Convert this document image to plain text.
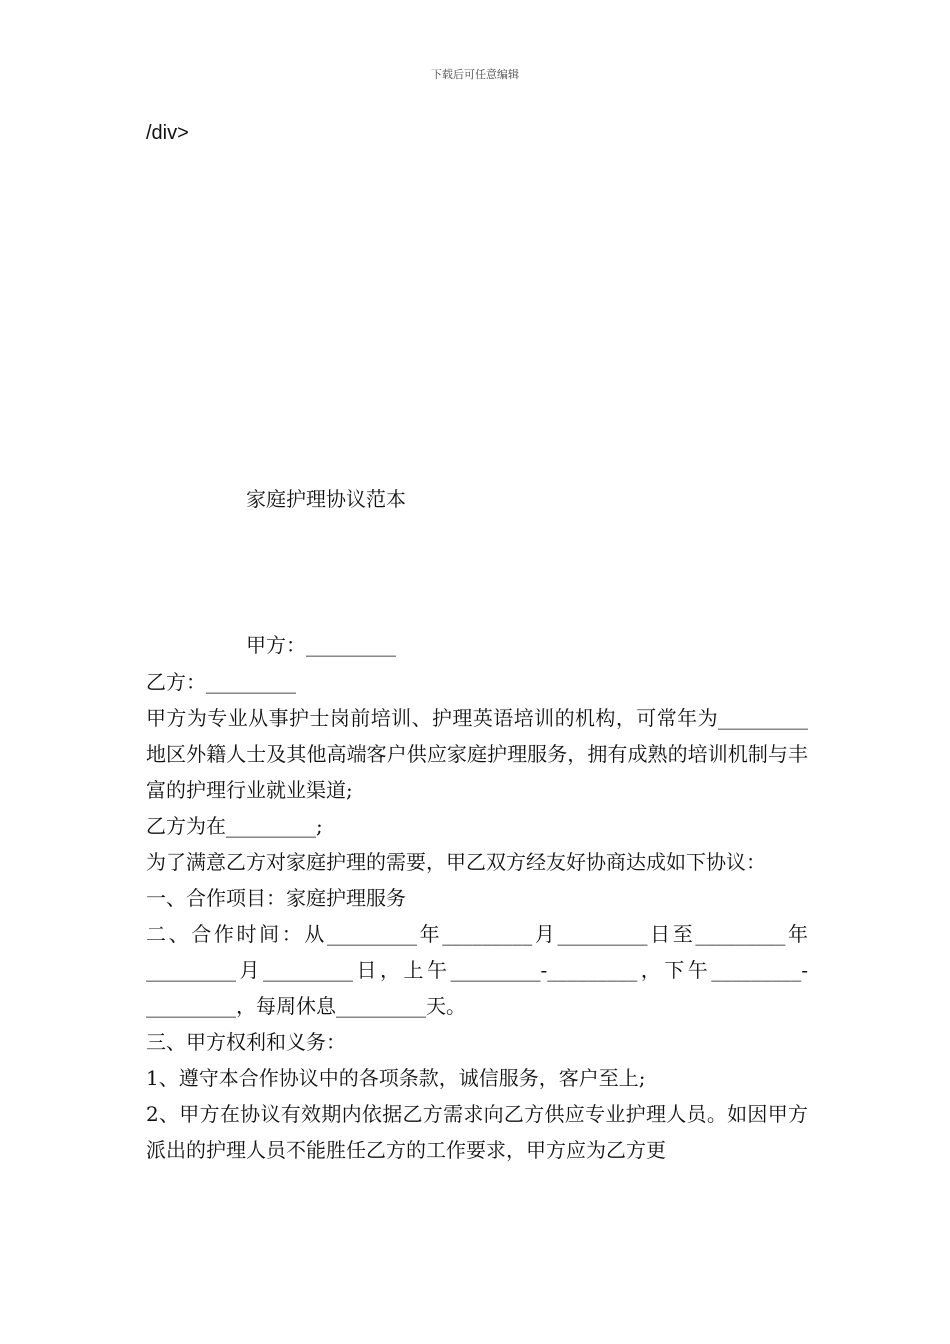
下载后可任意编辑
/div>
家庭护理协议范本
甲方：_________

乙方：_________

甲方为专业从事护士岗前培训、护理英语培训的机构，可常年为_________地区外籍人士及其他高端客户供应家庭护理服务，拥有成熟的培训机制与丰富的护理行业就业渠道;

乙方为在_________;

为了满意乙方对家庭护理的需要，甲乙双方经友好协商达成如下协议：

一、合作项目：家庭护理服务

二、合作时间：从_________年_________月_________日至_________年_________月_________日，上午_________-_________，下午_________-_________，每周休息_________天。

三、甲方权利和义务：

1、遵守本合作协议中的各项条款，诚信服务，客户至上;

2、甲方在协议有效期内依据乙方需求向乙方供应专业护理人员。如因甲方派出的护理人员不能胜任乙方的工作要求，甲方应为乙方更
